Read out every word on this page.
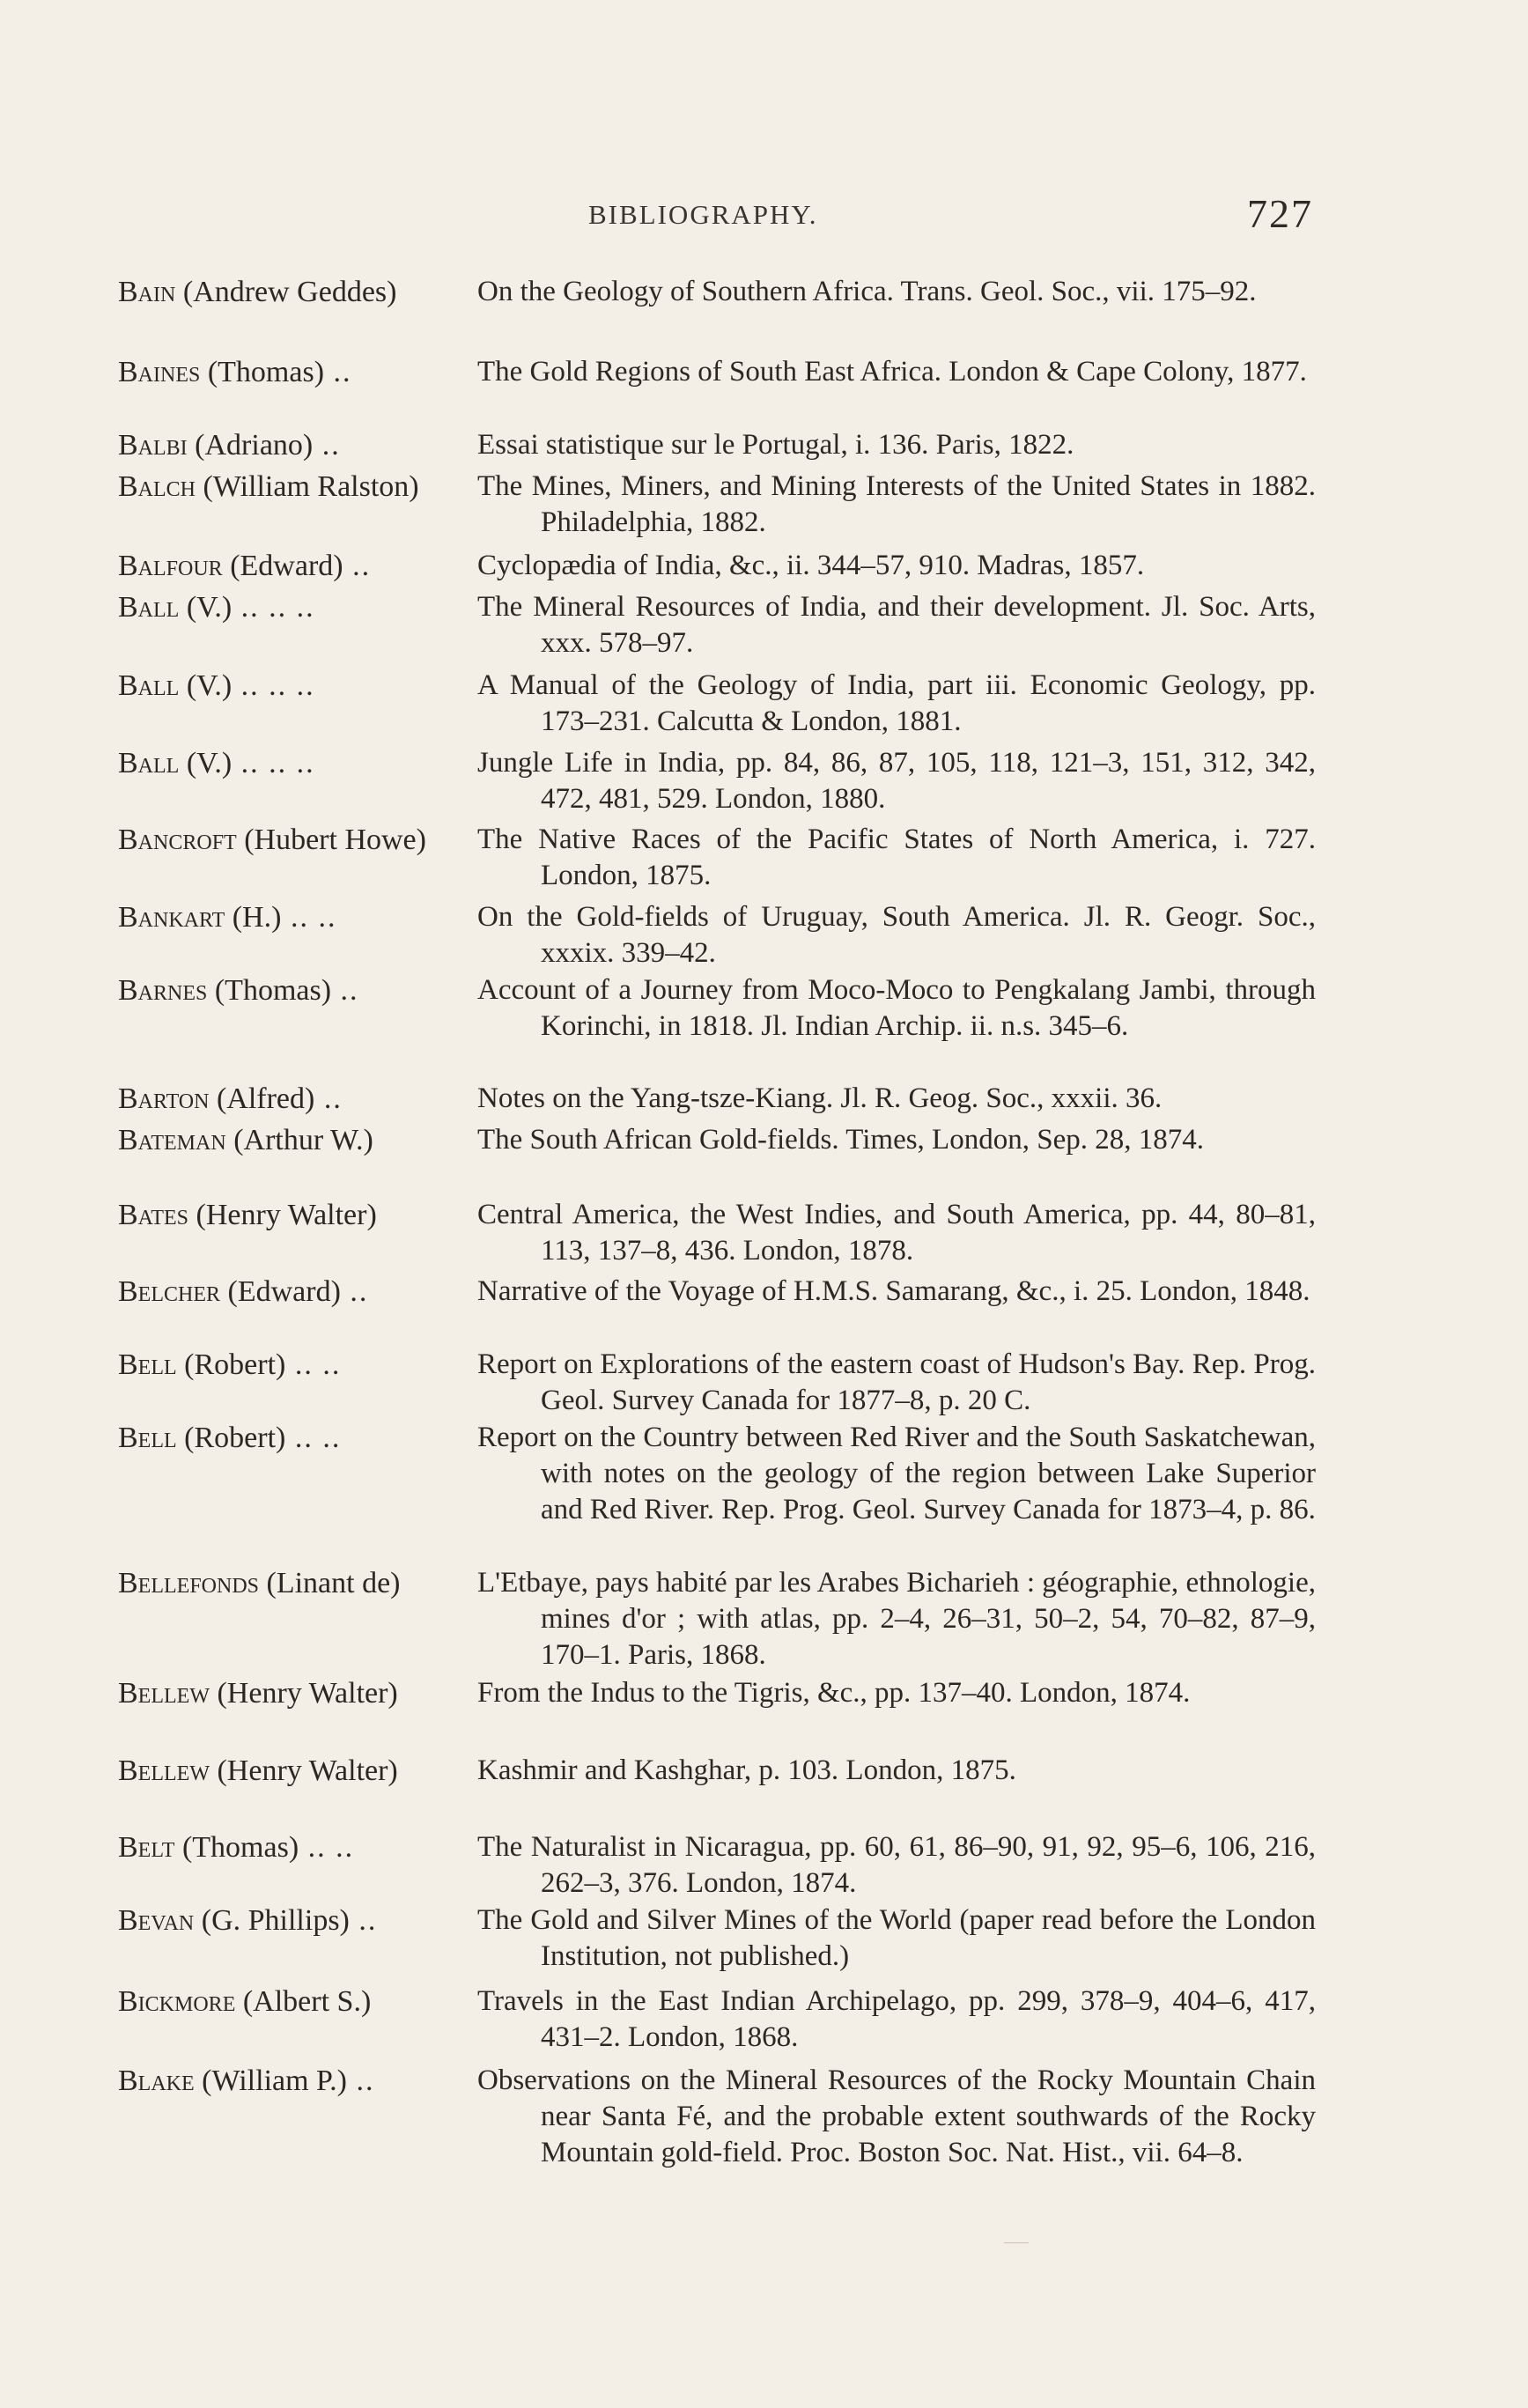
BIBLIOGRAPHY.	727
Bain (Andrew Geddes)	On the Geology of Southern Africa. Trans. Geol. Soc., vii. 175–92.
Baines (Thomas) ..	The Gold Regions of South East Africa. London & Cape Colony, 1877.
Balbi (Adriano) ..	Essai statistique sur le Portugal, i. 136. Paris, 1822.
Balch (William Ralston)	The Mines, Miners, and Mining Interests of the United States in 1882. Philadelphia, 1882.
Balfour (Edward) ..	Cyclopædia of India, &c., ii. 344–57, 910. Madras, 1857.
Ball (V.) .. .. ..	The Mineral Resources of India, and their development. Jl. Soc. Arts, xxx. 578–97.
Ball (V.) .. .. ..	A Manual of the Geology of India, part iii. Economic Geology, pp. 173–231. Calcutta & London, 1881.
Ball (V.) .. .. ..	Jungle Life in India, pp. 84, 86, 87, 105, 118, 121–3, 151, 312, 342, 472, 481, 529. London, 1880.
Bancroft (Hubert Howe)	The Native Races of the Pacific States of North America, i. 727. London, 1875.
Bankart (H.) .. ..	On the Gold-fields of Uruguay, South America. Jl. R. Geogr. Soc., xxxix. 339–42.
Barnes (Thomas) ..	Account of a Journey from Moco-Moco to Pengkalang Jambi, through Korinchi, in 1818. Jl. Indian Archip. ii. n.s. 345–6.
Barton (Alfred) ..	Notes on the Yang-tsze-Kiang. Jl. R. Geog. Soc., xxxii. 36.
Bateman (Arthur W.)	The South African Gold-fields. Times, London, Sep. 28, 1874.
Bates (Henry Walter)	Central America, the West Indies, and South America, pp. 44, 80–81, 113, 137–8, 436. London, 1878.
Belcher (Edward) ..	Narrative of the Voyage of H.M.S. Samarang, &c., i. 25. London, 1848.
Bell (Robert) .. ..	Report on Explorations of the eastern coast of Hudson's Bay. Rep. Prog. Geol. Survey Canada for 1877–8, p. 20 C.
Bell (Robert) .. ..	Report on the Country between Red River and the South Saskatchewan, with notes on the geology of the region between Lake Superior and Red River. Rep. Prog. Geol. Survey Canada for 1873–4, p. 86.
Bellefonds (Linant de)	L'Etbaye, pays habité par les Arabes Bicharieh : géographie, ethnologie, mines d'or ; with atlas, pp. 2–4, 26–31, 50–2, 54, 70–82, 87–9, 170–1. Paris, 1868.
Bellew (Henry Walter)	From the Indus to the Tigris, &c., pp. 137–40. London, 1874.
Bellew (Henry Walter)	Kashmir and Kashghar, p. 103. London, 1875.
Belt (Thomas) .. ..	The Naturalist in Nicaragua, pp. 60, 61, 86–90, 91, 92, 95–6, 106, 216, 262–3, 376. London, 1874.
Bevan (G. Phillips) ..	The Gold and Silver Mines of the World (paper read before the London Institution, not published.)
Bickmore (Albert S.)	Travels in the East Indian Archipelago, pp. 299, 378–9, 404–6, 417, 431–2. London, 1868.
Blake (William P.) ..	Observations on the Mineral Resources of the Rocky Mountain Chain near Santa Fé, and the probable extent southwards of the Rocky Mountain gold-field. Proc. Boston Soc. Nat. Hist., vii. 64–8.
